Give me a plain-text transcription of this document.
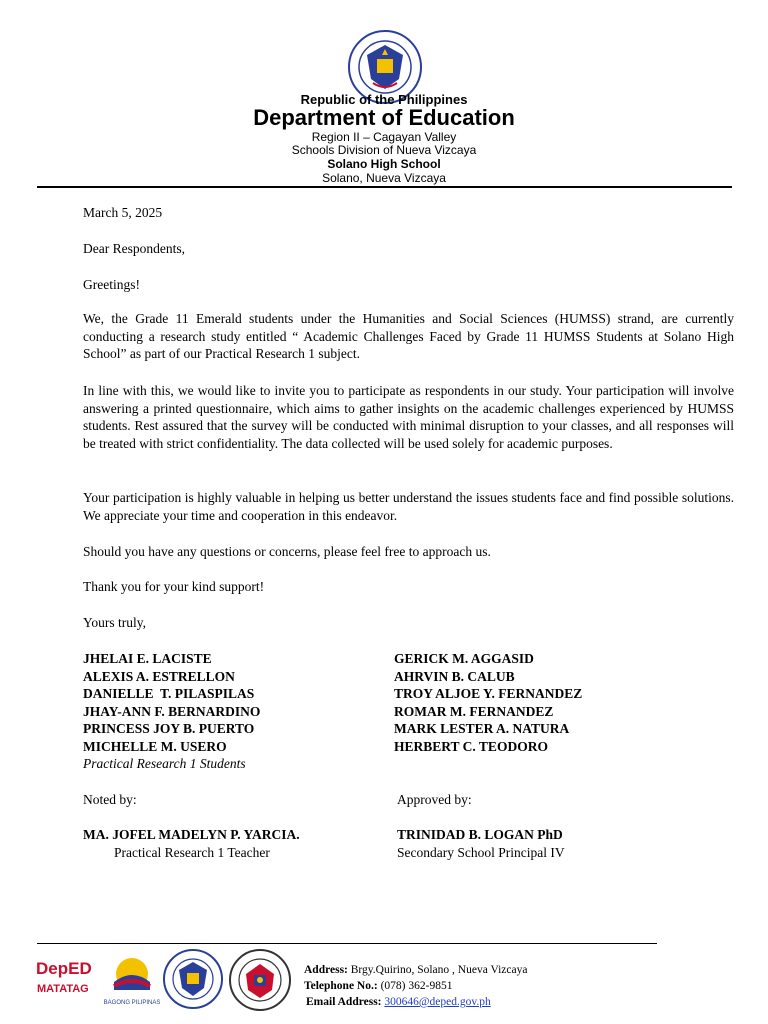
Republic of the Philippines
Department of Education
Region II – Cagayan Valley
Schools Division of Nueva Vizcaya
Solano High School
Solano, Nueva Vizcaya
March 5, 2025
Dear Respondents,
Greetings!
We, the Grade 11 Emerald students under the Humanities and Social Sciences (HUMSS) strand, are currently conducting a research study entitled “ Academic Challenges Faced by Grade 11 HUMSS Students at Solano High School” as part of our Practical Research 1 subject.
In line with this, we would like to invite you to participate as respondents in our study. Your participation will involve answering a printed questionnaire, which aims to gather insights on the academic challenges experienced by HUMSS students. Rest assured that the survey will be conducted with minimal disruption to your classes, and all responses will be treated with strict confidentiality. The data collected will be used solely for academic purposes.
Your participation is highly valuable in helping us better understand the issues students face and find possible solutions. We appreciate your time and cooperation in this endeavor.
Should you have any questions or concerns, please feel free to approach us.
Thank you for your kind support!
Yours truly,
JHELAI E. LACISTE
ALEXIS A. ESTRELLON
DANIELLE  T. PILASPILAS
JHAY-ANN F. BERNARDINO
PRINCESS JOY B. PUERTO
MICHELLE M. USERO
GERICK M. AGGASID
AHRVIN B. CALUB
TROY ALJOE Y. FERNANDEZ
ROMAR M. FERNANDEZ
MARK LESTER A. NATURA
HERBERT C. TEODORO
Practical Research 1 Students
Noted by:	Approved by:
MA. JOFEL MADELYN P. YARCIA.
Practical Research 1 Teacher
TRINIDAD B. LOGAN PhD
Secondary School Principal IV
DepED
MATATAG
BAGONG PILIPINAS
Address: Brgy.Quirino, Solano , Nueva Vizcaya
Telephone No.: (078) 362-9851
Email Address: 300646@deped.gov.ph
